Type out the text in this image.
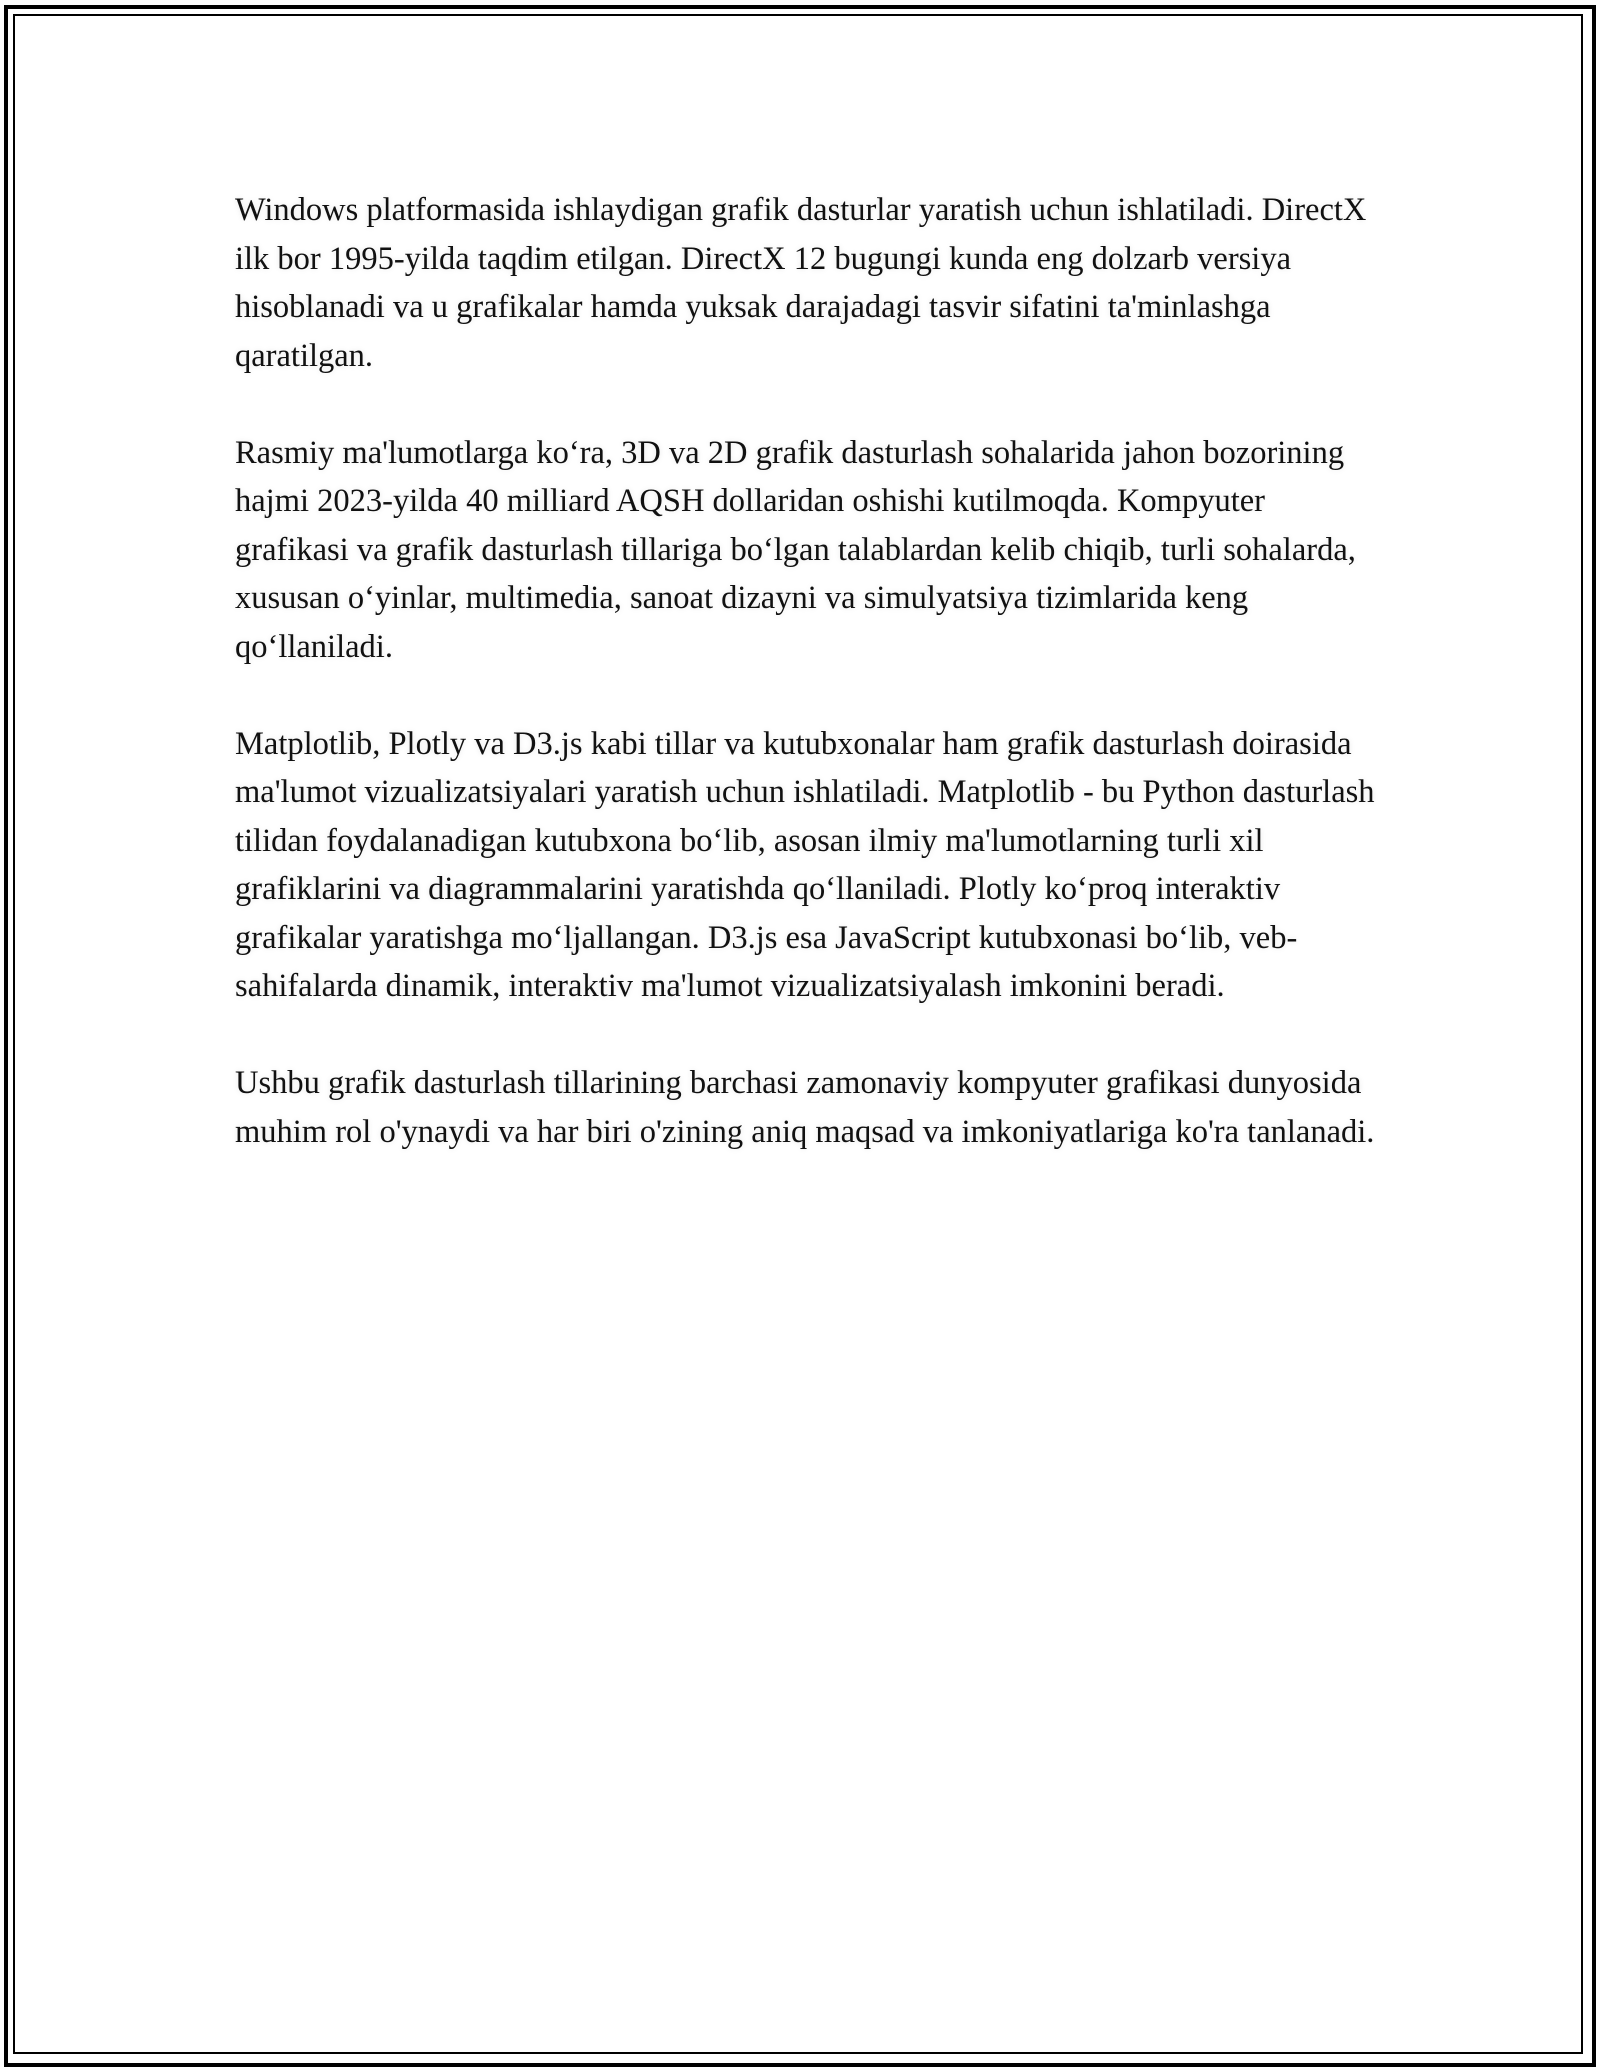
Windows platformasida ishlaydigan grafik dasturlar yaratish uchun ishlatiladi. DirectX ilk bor 1995-yilda taqdim etilgan. DirectX 12 bugungi kunda eng dolzarb versiya hisoblanadi va u grafikalar hamda yuksak darajadagi tasvir sifatini ta'minlashga qaratilgan.

Rasmiy ma'lumotlarga ko‘ra, 3D va 2D grafik dasturlash sohalarida jahon bozorining hajmi 2023-yilda 40 milliard AQSH dollaridan oshishi kutilmoqda. Kompyuter grafikasi va grafik dasturlash tillariga bo‘lgan talablardan kelib chiqib, turli sohalarda, xususan o‘yinlar, multimedia, sanoat dizayni va simulyatsiya tizimlarida keng qo‘llaniladi.

Matplotlib, Plotly va D3.js kabi tillar va kutubxonalar ham grafik dasturlash doirasida ma'lumot vizualizatsiyalari yaratish uchun ishlatiladi. Matplotlib - bu Python dasturlash tilidan foydalanadigan kutubxona bo‘lib, asosan ilmiy ma'lumotlarning turli xil grafiklarini va diagrammalarini yaratishda qo‘llaniladi. Plotly ko‘proq interaktiv grafikalar yaratishga mo‘ljallangan. D3.js esa JavaScript kutubxonasi bo‘lib, veb-sahifalarda dinamik, interaktiv ma'lumot vizualizatsiyalash imkonini beradi.

Ushbu grafik dasturlash tillarining barchasi zamonaviy kompyuter grafikasi dunyosida muhim rol o'ynaydi va har biri o'zining aniq maqsad va imkoniyatlariga ko'ra tanlanadi.
